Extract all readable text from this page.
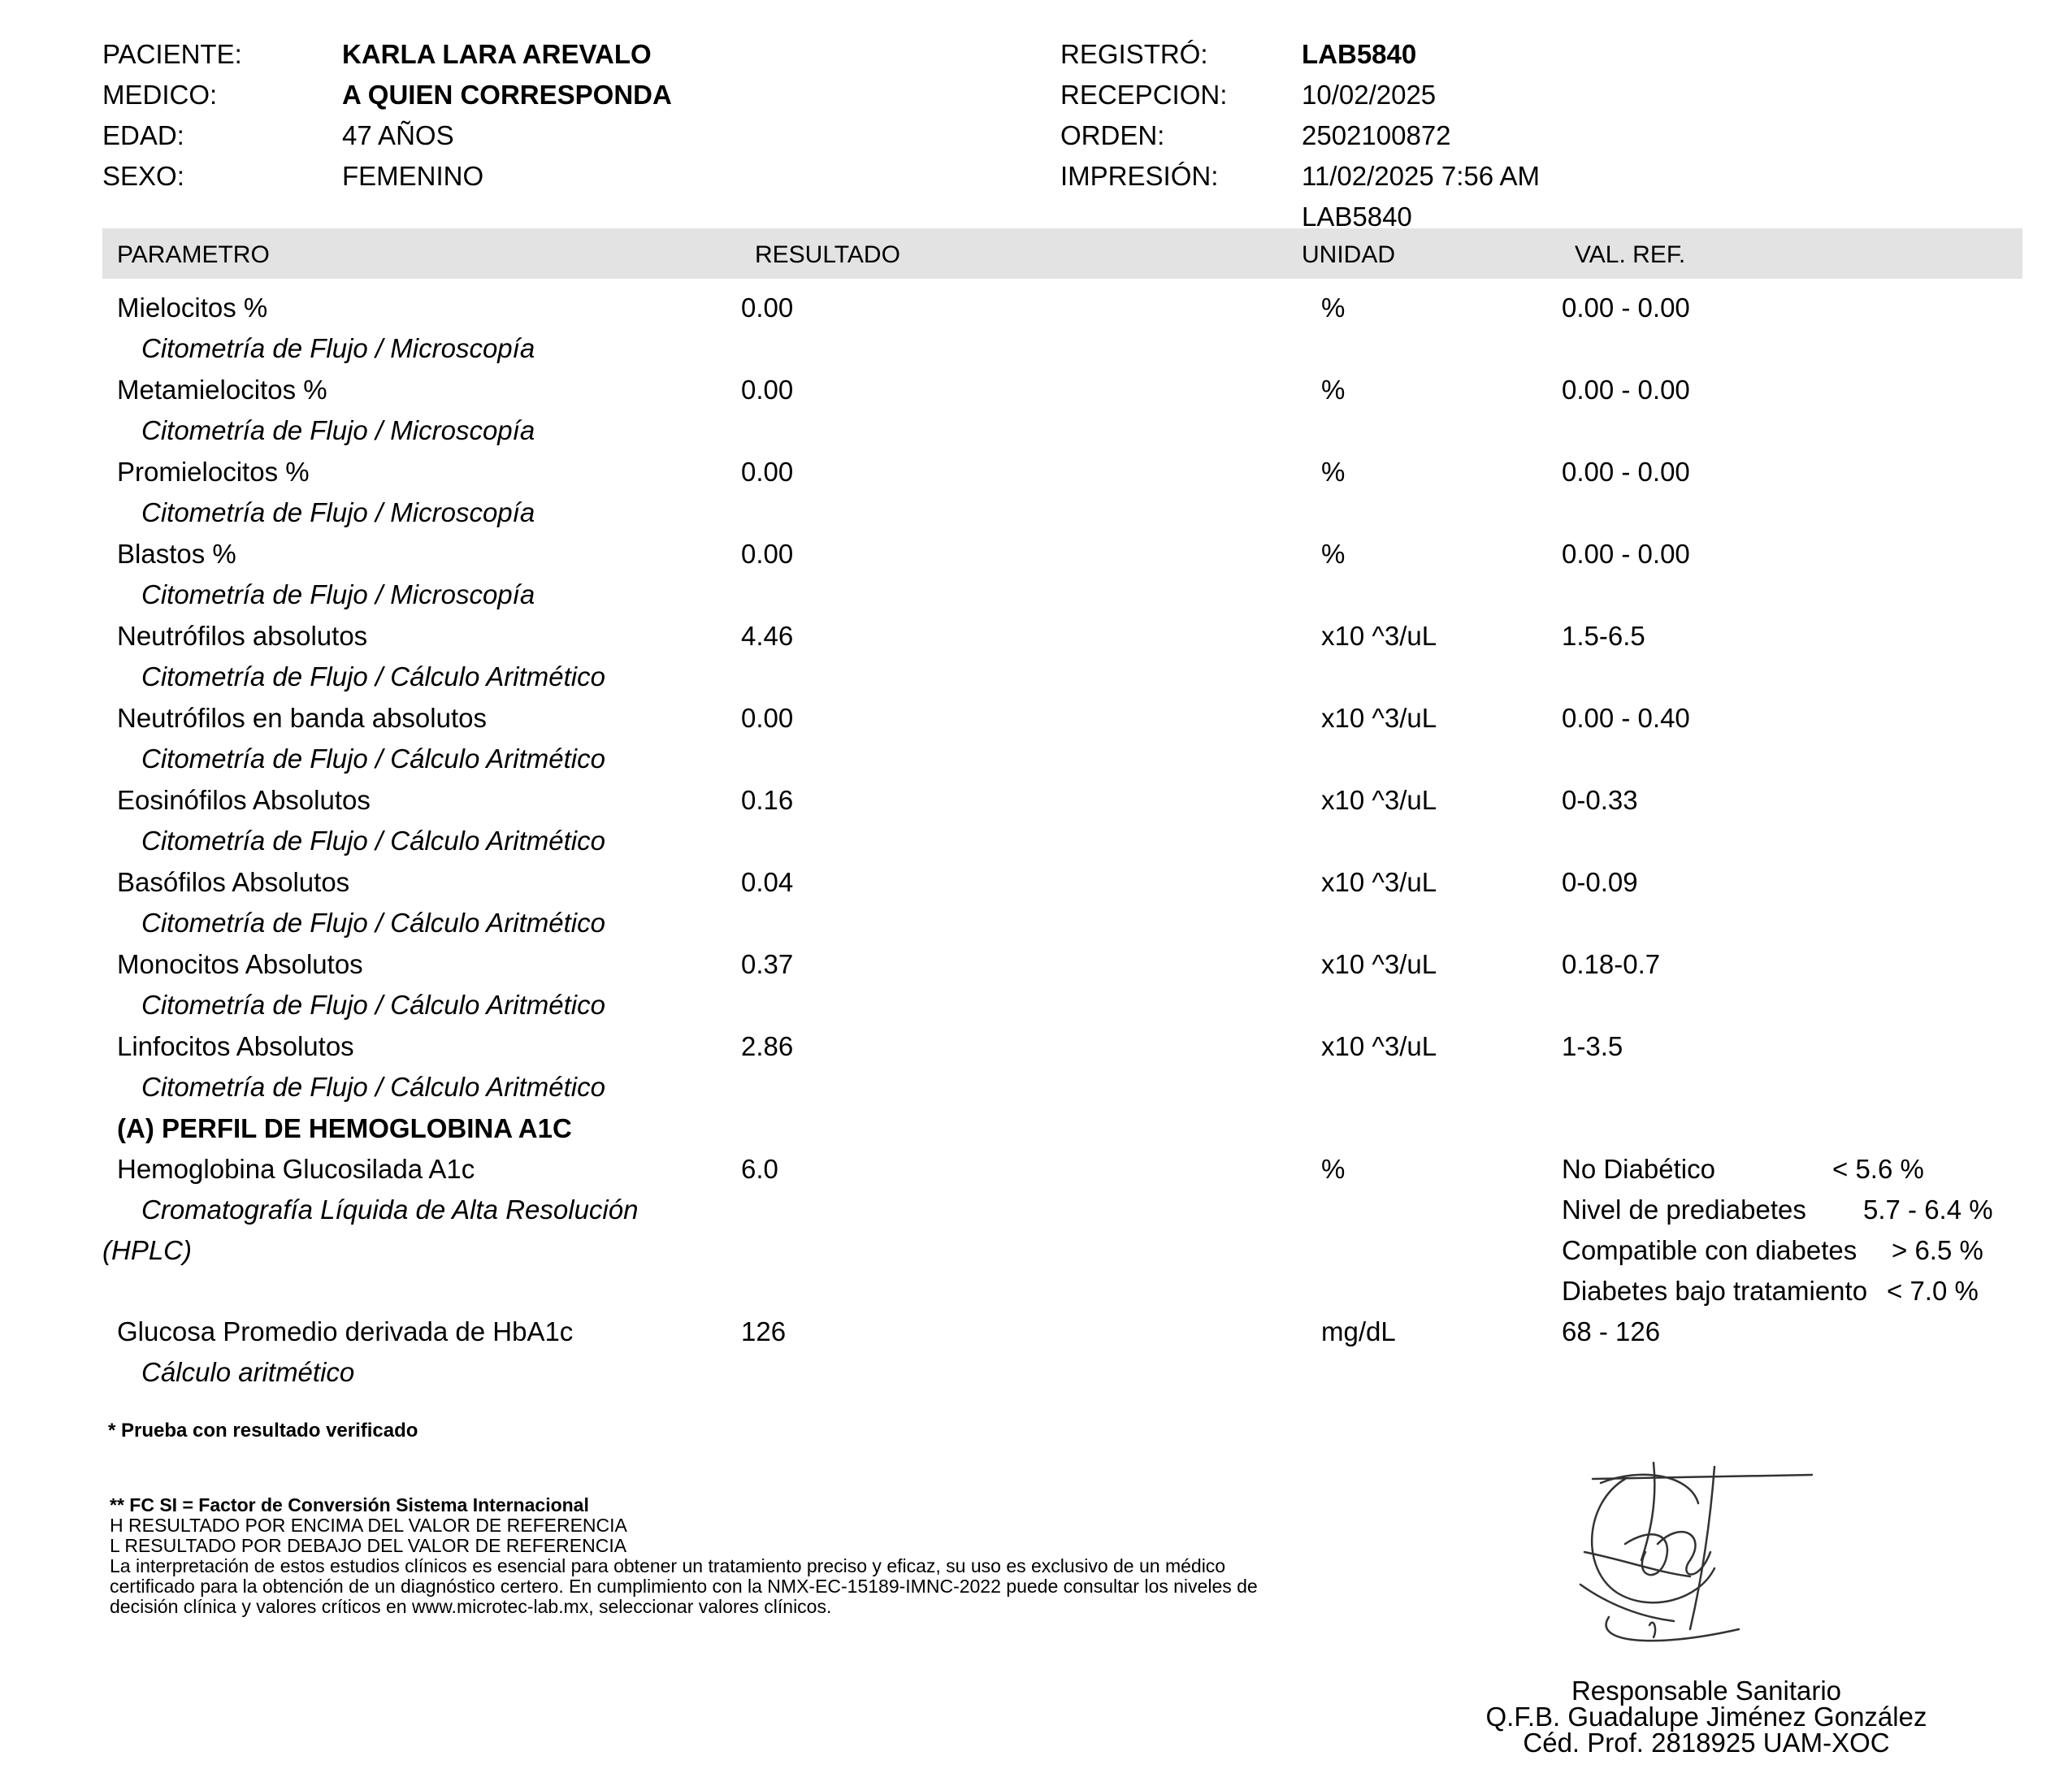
PACIENTE:	KARLA LARA AREVALO
MEDICO:	A QUIEN CORRESPONDA
EDAD:	47 AÑOS
SEXO:	FEMENINO
REGISTRÓ:	LAB5840
RECEPCION:	10/02/2025
ORDEN:	2502100872
IMPRESIÓN:	11/02/2025 7:56 AM
LAB5840
PARAMETRO	RESULTADO	UNIDAD	VAL. REF.
Mielocitos %	0.00	%	0.00 - 0.00
Citometría de Flujo / Microscopía
Metamielocitos %	0.00	%	0.00 - 0.00
Citometría de Flujo / Microscopía
Promielocitos %	0.00	%	0.00 - 0.00
Citometría de Flujo / Microscopía
Blastos %	0.00	%	0.00 - 0.00
Citometría de Flujo / Microscopía
Neutrófilos absolutos	4.46	x10 ^3/uL	1.5-6.5
Citometría de Flujo / Cálculo Aritmético
Neutrófilos en banda absolutos	0.00	x10 ^3/uL	0.00 - 0.40
Citometría de Flujo / Cálculo Aritmético
Eosinófilos Absolutos	0.16	x10 ^3/uL	0-0.33
Citometría de Flujo / Cálculo Aritmético
Basófilos Absolutos	0.04	x10 ^3/uL	0-0.09
Citometría de Flujo / Cálculo Aritmético
Monocitos Absolutos	0.37	x10 ^3/uL	0.18-0.7
Citometría de Flujo / Cálculo Aritmético
Linfocitos Absolutos	2.86	x10 ^3/uL	1-3.5
Citometría de Flujo / Cálculo Aritmético
(A) PERFIL DE HEMOGLOBINA A1C
Hemoglobina Glucosilada A1c	6.0	%	No Diabético	< 5.6 %
Nivel de prediabetes 5.7 - 6.4 %
Compatible con diabetes > 6.5 %
Diabetes bajo tratamiento < 7.0 %
Cromatografía Líquida de Alta Resolución
(HPLC)
Glucosa Promedio derivada de HbA1c	126	mg/dL	68 - 126
Cálculo aritmético
* Prueba con resultado verificado
** FC SI = Factor de Conversión Sistema Internacional
H RESULTADO POR ENCIMA DEL VALOR DE REFERENCIA
L RESULTADO POR DEBAJO DEL VALOR DE REFERENCIA
La interpretación de estos estudios clínicos es esencial para obtener un tratamiento preciso y eficaz, su uso es exclusivo de un médico
certificado para la obtención de un diagnóstico certero. En cumplimiento con la NMX-EC-15189-IMNC-2022 puede consultar los niveles de
decisión clínica y valores críticos en www.microtec-lab.mx, seleccionar valores clínicos.
Responsable Sanitario
Q.F.B. Guadalupe Jiménez González
Céd. Prof. 2818925 UAM-XOC
